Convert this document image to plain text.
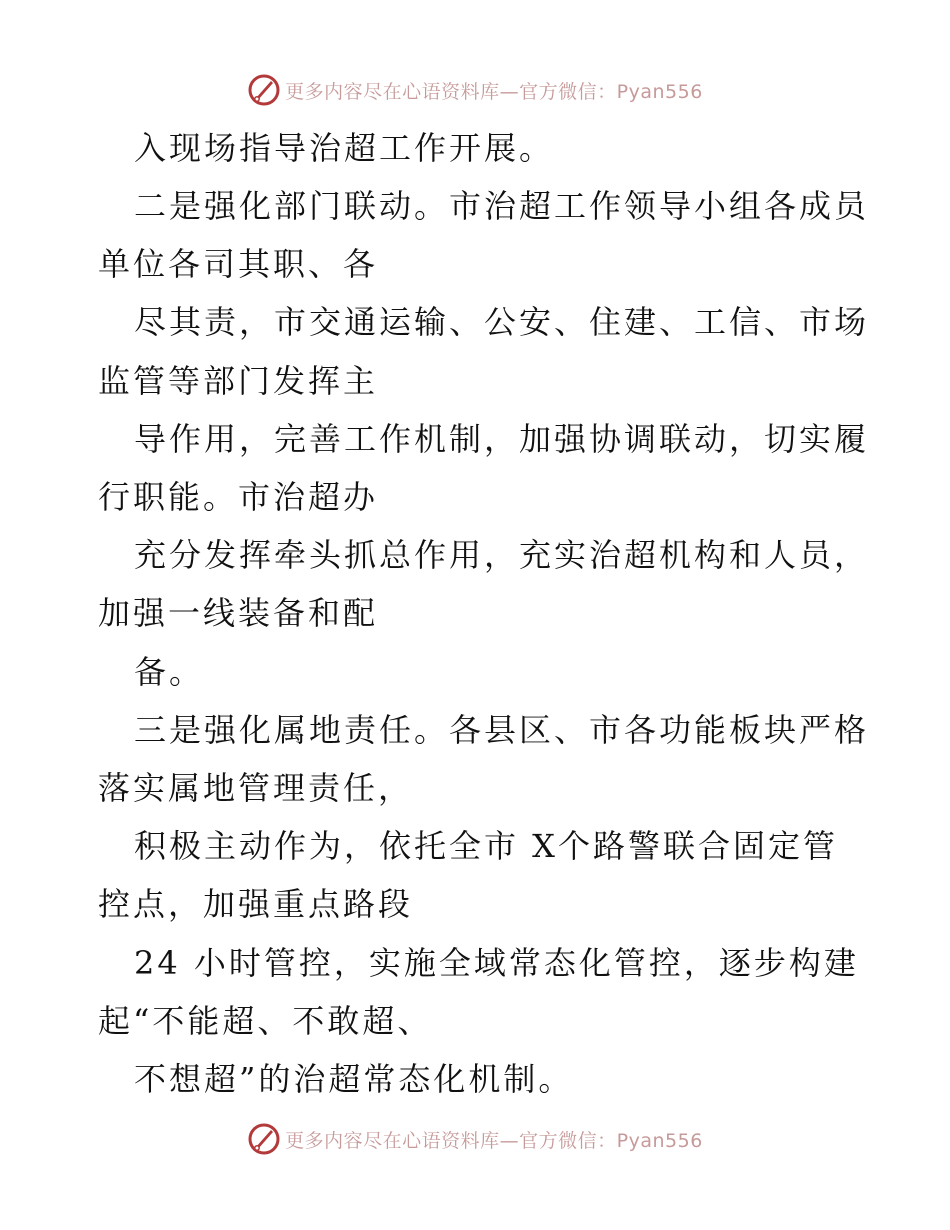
更多内容尽在心语资料库—官方微信：Pyan556
入现场指导治超工作开展。
二是强化部门联动。市治超工作领导小组各成员
单位各司其职、各
尽其责，市交通运输、公安、住建、工信、市场
监管等部门发挥主
导作用，完善工作机制，加强协调联动，切实履
行职能。市治超办
充分发挥牵头抓总作用，充实治超机构和人员，
加强一线装备和配
备。
三是强化属地责任。各县区、市各功能板块严格
落实属地管理责任，
积极主动作为，依托全市 X个路警联合固定管
控点，加强重点路段
24 小时管控，实施全域常态化管控，逐步构建
起“不能超、不敢超、
不想超”的治超常态化机制。
更多内容尽在心语资料库—官方微信：Pyan556
